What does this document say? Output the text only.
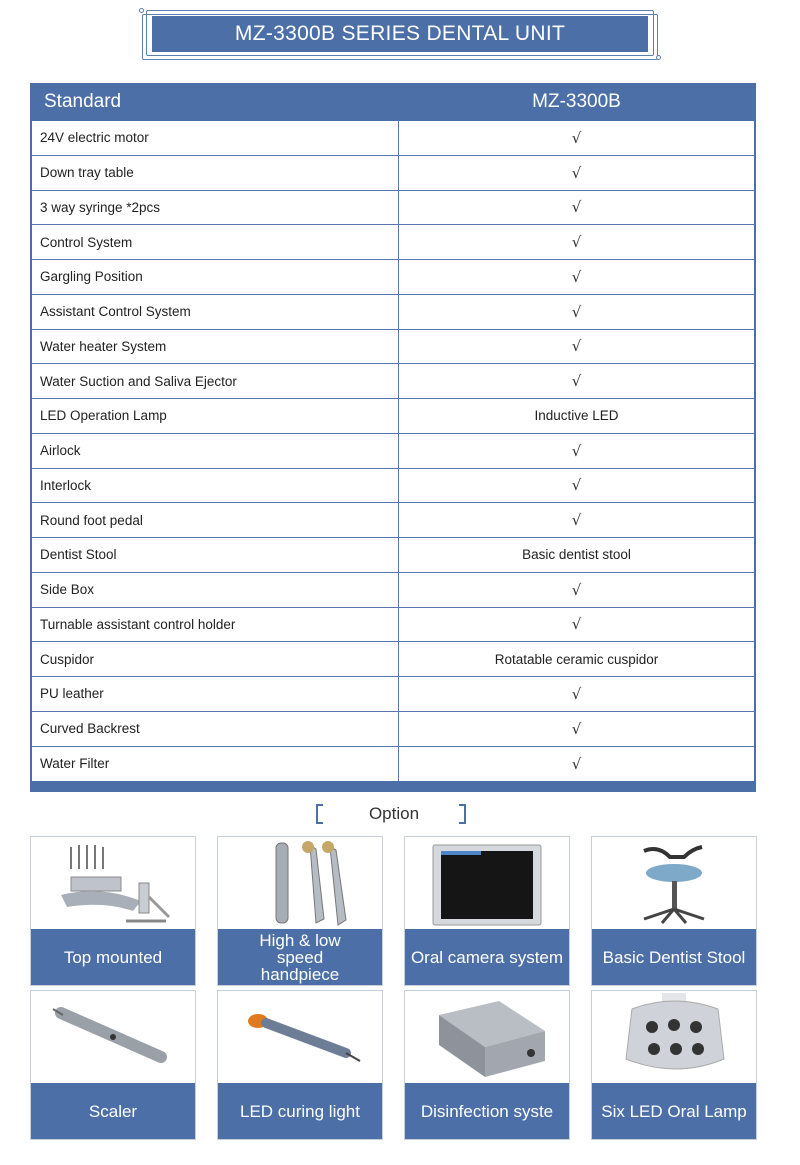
MZ-3300B SERIES DENTAL UNIT
Standard	MZ-3300B
24V electric motor	√
Down tray table	√
3 way syringe *2pcs	√
Control System	√
Gargling Position	√
Assistant Control System	√
Water heater System	√
Water Suction and Saliva Ejector	√
LED Operation Lamp	Inductive LED
Airlock	√
Interlock	√
Round foot pedal	√
Dentist Stool	Basic dentist stool
Side Box	√
Turnable assistant control holder	√
Cuspidor	Rotatable ceramic cuspidor
PU leather	√
Curved Backrest	√
Water Filter	√
Option
Top mounted
High & low speed handpiece
Oral camera system	Basic Dentist Stool
Scaler	LED curing light	Disinfection syste	Six LED Oral Lamp
